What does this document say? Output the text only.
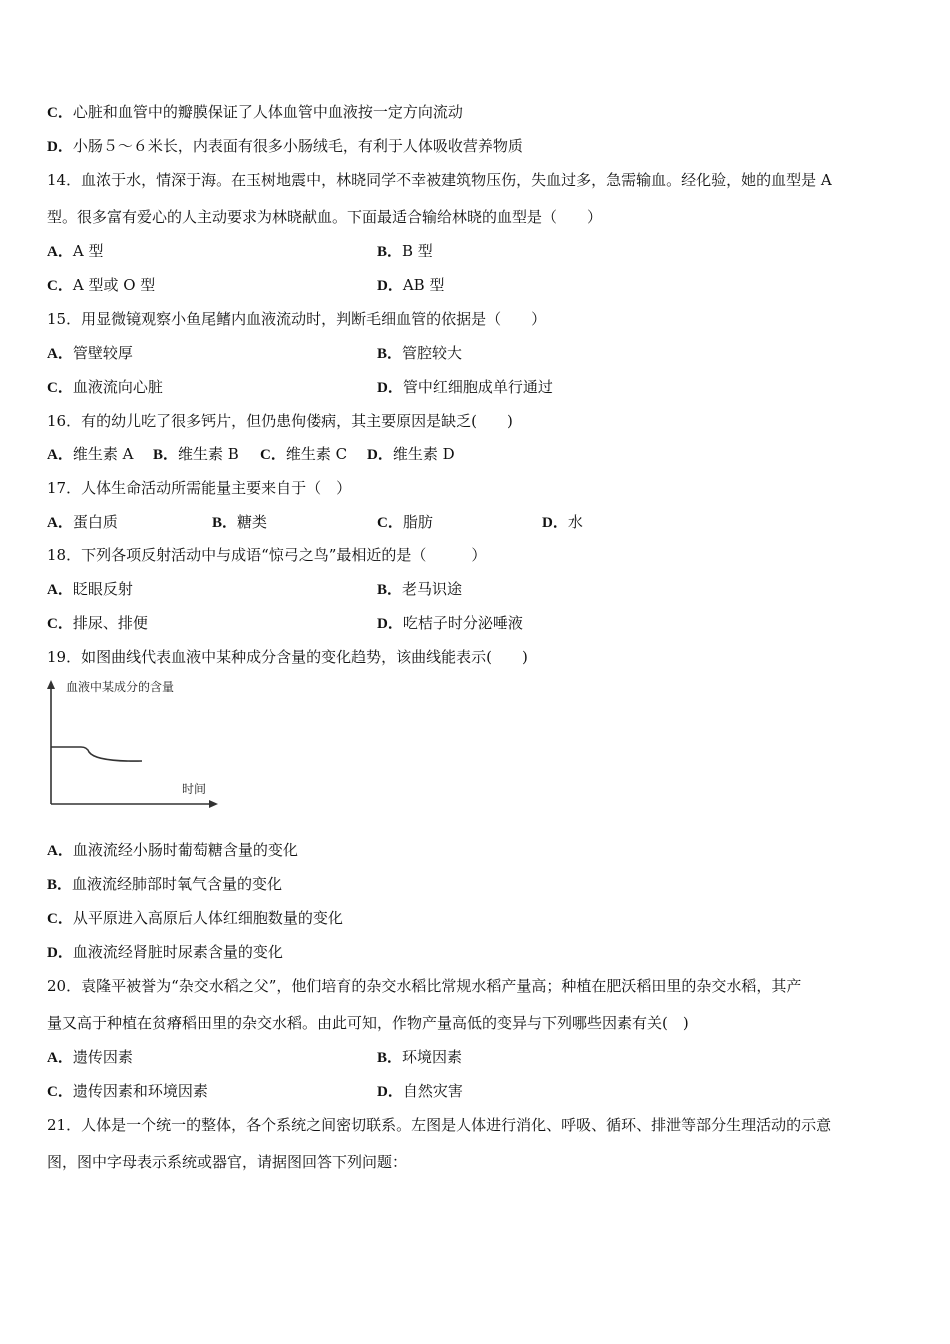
C．心脏和血管中的瓣膜保证了人体血管中血液按一定方向流动
D．小肠５～６米长，内表面有很多小肠绒毛，有利于人体吸收营养物质
14．血浓于水，情深于海。在玉树地震中，林晓同学不幸被建筑物压伤，失血过多，急需输血。经化验，她的血型是 A
型。很多富有爱心的人主动要求为林晓献血。下面最适合输给林晓的血型是（　　）
A．A 型	B．B 型
C．A 型或 O 型	D．AB 型
15．用显微镜观察小鱼尾鳍内血液流动时，判断毛细血管的依据是（　　）
A．管壁较厚	B．管腔较大
C．血液流向心脏	D．管中红细胞成单行通过
16．有的幼儿吃了很多钙片，但仍患佝偻病，其主要原因是缺乏(　　)
A．维生素 A B．维生素 B C．维生素 C D．维生素 D
17．人体生命活动所需能量主要来自于（　）
A．蛋白质	B．糖类	C．脂肪	D．水
18．下列各项反射活动中与成语“惊弓之鸟”最相近的是（　　　）
A．眨眼反射	B．老马识途
C．排尿、排便	D．吃桔子时分泌唾液
19．如图曲线代表血液中某种成分含量的变化趋势，该曲线能表示(　　)
血液中某成分的含量
时间
A．血液流经小肠时葡萄糖含量的变化
B．血液流经肺部时氧气含量的变化
C．从平原进入高原后人体红细胞数量的变化
D．血液流经肾脏时尿素含量的变化
20．袁隆平被誉为“杂交水稻之父”，他们培育的杂交水稻比常规水稻产量高；种植在肥沃稻田里的杂交水稻，其产
量又高于种植在贫瘠稻田里的杂交水稻。由此可知，作物产量高低的变异与下列哪些因素有关(　)
A．遗传因素	B．环境因素
C．遗传因素和环境因素	D．自然灾害
21．人体是一个统一的整体，各个系统之间密切联系。左图是人体进行消化、呼吸、循环、排泄等部分生理活动的示意
图，图中字母表示系统或器官，请据图回答下列问题：
